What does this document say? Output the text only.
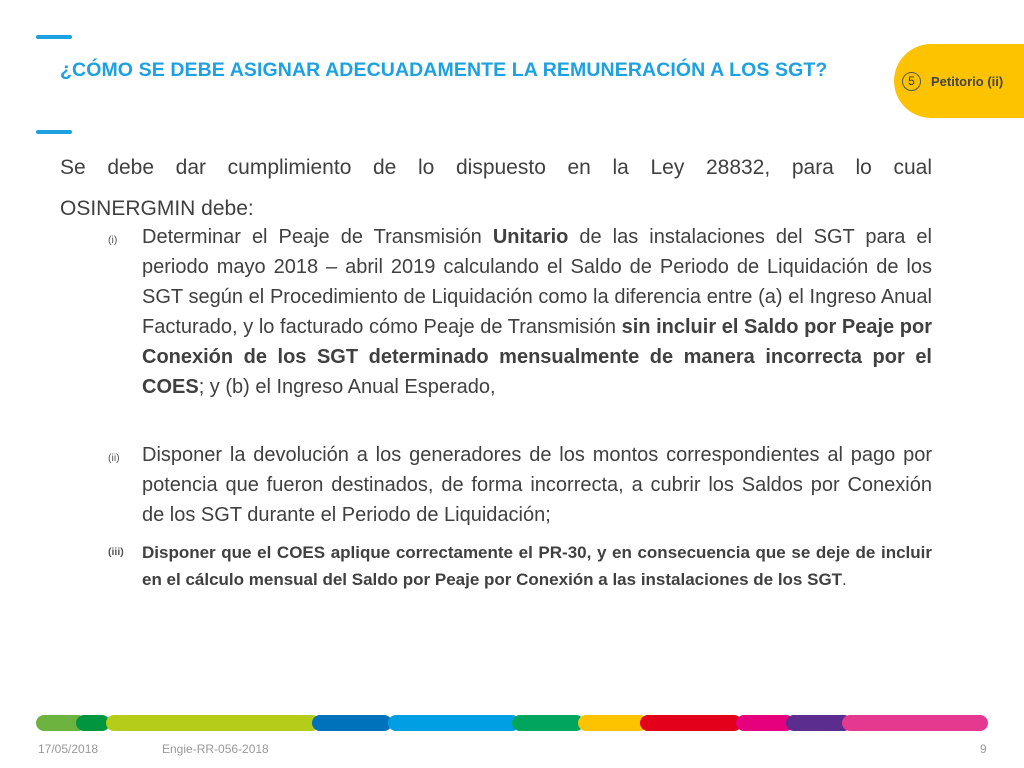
¿CÓMO SE DEBE ASIGNAR ADECUADAMENTE LA REMUNERACIÓN A LOS SGT?	5	Petitorio (ii)
Se debe dar cumplimiento de lo dispuesto en la Ley 28832, para lo cual
OSINERGMIN debe:
(i) Determinar el Peaje de Transmisión Unitario de las instalaciones del SGT para el periodo mayo 2018 – abril 2019 calculando el Saldo de Periodo de Liquidación de los SGT según el Procedimiento de Liquidación como la diferencia entre (a) el Ingreso Anual Facturado, y lo facturado cómo Peaje de Transmisión sin incluir el Saldo por Peaje por Conexión de los SGT determinado mensualmente de manera incorrecta por el COES; y (b) el Ingreso Anual Esperado,
(ii) Disponer la devolución a los generadores de los montos correspondientes al pago por potencia que fueron destinados, de forma incorrecta, a cubrir los Saldos por Conexión de los SGT durante el Periodo de Liquidación;
(iii) Disponer que el COES aplique correctamente el PR-30, y en consecuencia que se deje de incluir en el cálculo mensual del Saldo por Peaje por Conexión a las instalaciones de los SGT.
17/05/2018	Engie-RR-056-2018	9
